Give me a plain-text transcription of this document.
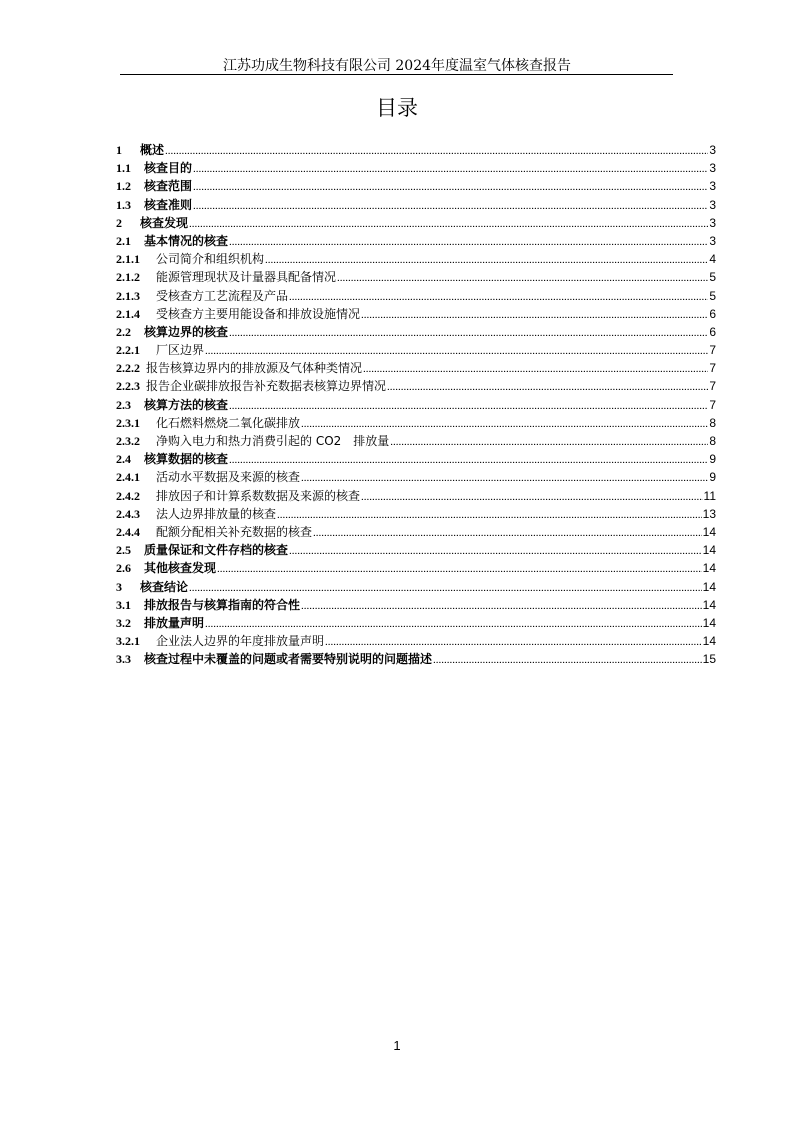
江苏功成生物科技有限公司 2024年度温室气体核查报告
目录
1	概述 .....	3
1.1	核查目的 .....	3
1.2	核查范围 .....	3
1.3	核查准则 .....	3
2	核查发现 .....	3
2.1	基本情况的核查 .....	3
2.1.1	公司简介和组织机构 .....	4
2.1.2	能源管理现状及计量器具配备情况 .....	5
2.1.3	受核查方工艺流程及产品 .....	5
2.1.4	受核查方主要用能设备和排放设施情况 .....	6
2.2	核算边界的核查 .....	6
2.2.1	厂区边界 .....	7
2.2.2 报告核算边界内的排放源及气体种类情况 .....	7
2.2.3 报告企业碳排放报告补充数据表核算边界情况 .....	7
2.3	核算方法的核查 .....	7
2.3.1	化石燃料燃烧二氧化碳排放 .....	8
2.3.2	净购入电力和热力消费引起的 CO2　排放量 .....	8
2.4	核算数据的核查 .....	9
2.4.1	活动水平数据及来源的核查 .....	9
2.4.2	排放因子和计算系数数据及来源的核查 .....	11
2.4.3	法人边界排放量的核查 .....	13
2.4.4	配额分配相关补充数据的核查 .....	14
2.5	质量保证和文件存档的核查 .....	14
2.6	其他核查发现 .....	14
3	核查结论 .....	14
3.1	排放报告与核算指南的符合性 .....	14
3.2	排放量声明 .....	14
3.2.1	企业法人边界的年度排放量声明 .....	14
3.3	核查过程中未覆盖的问题或者需要特别说明的问题描述 .....	15
1
